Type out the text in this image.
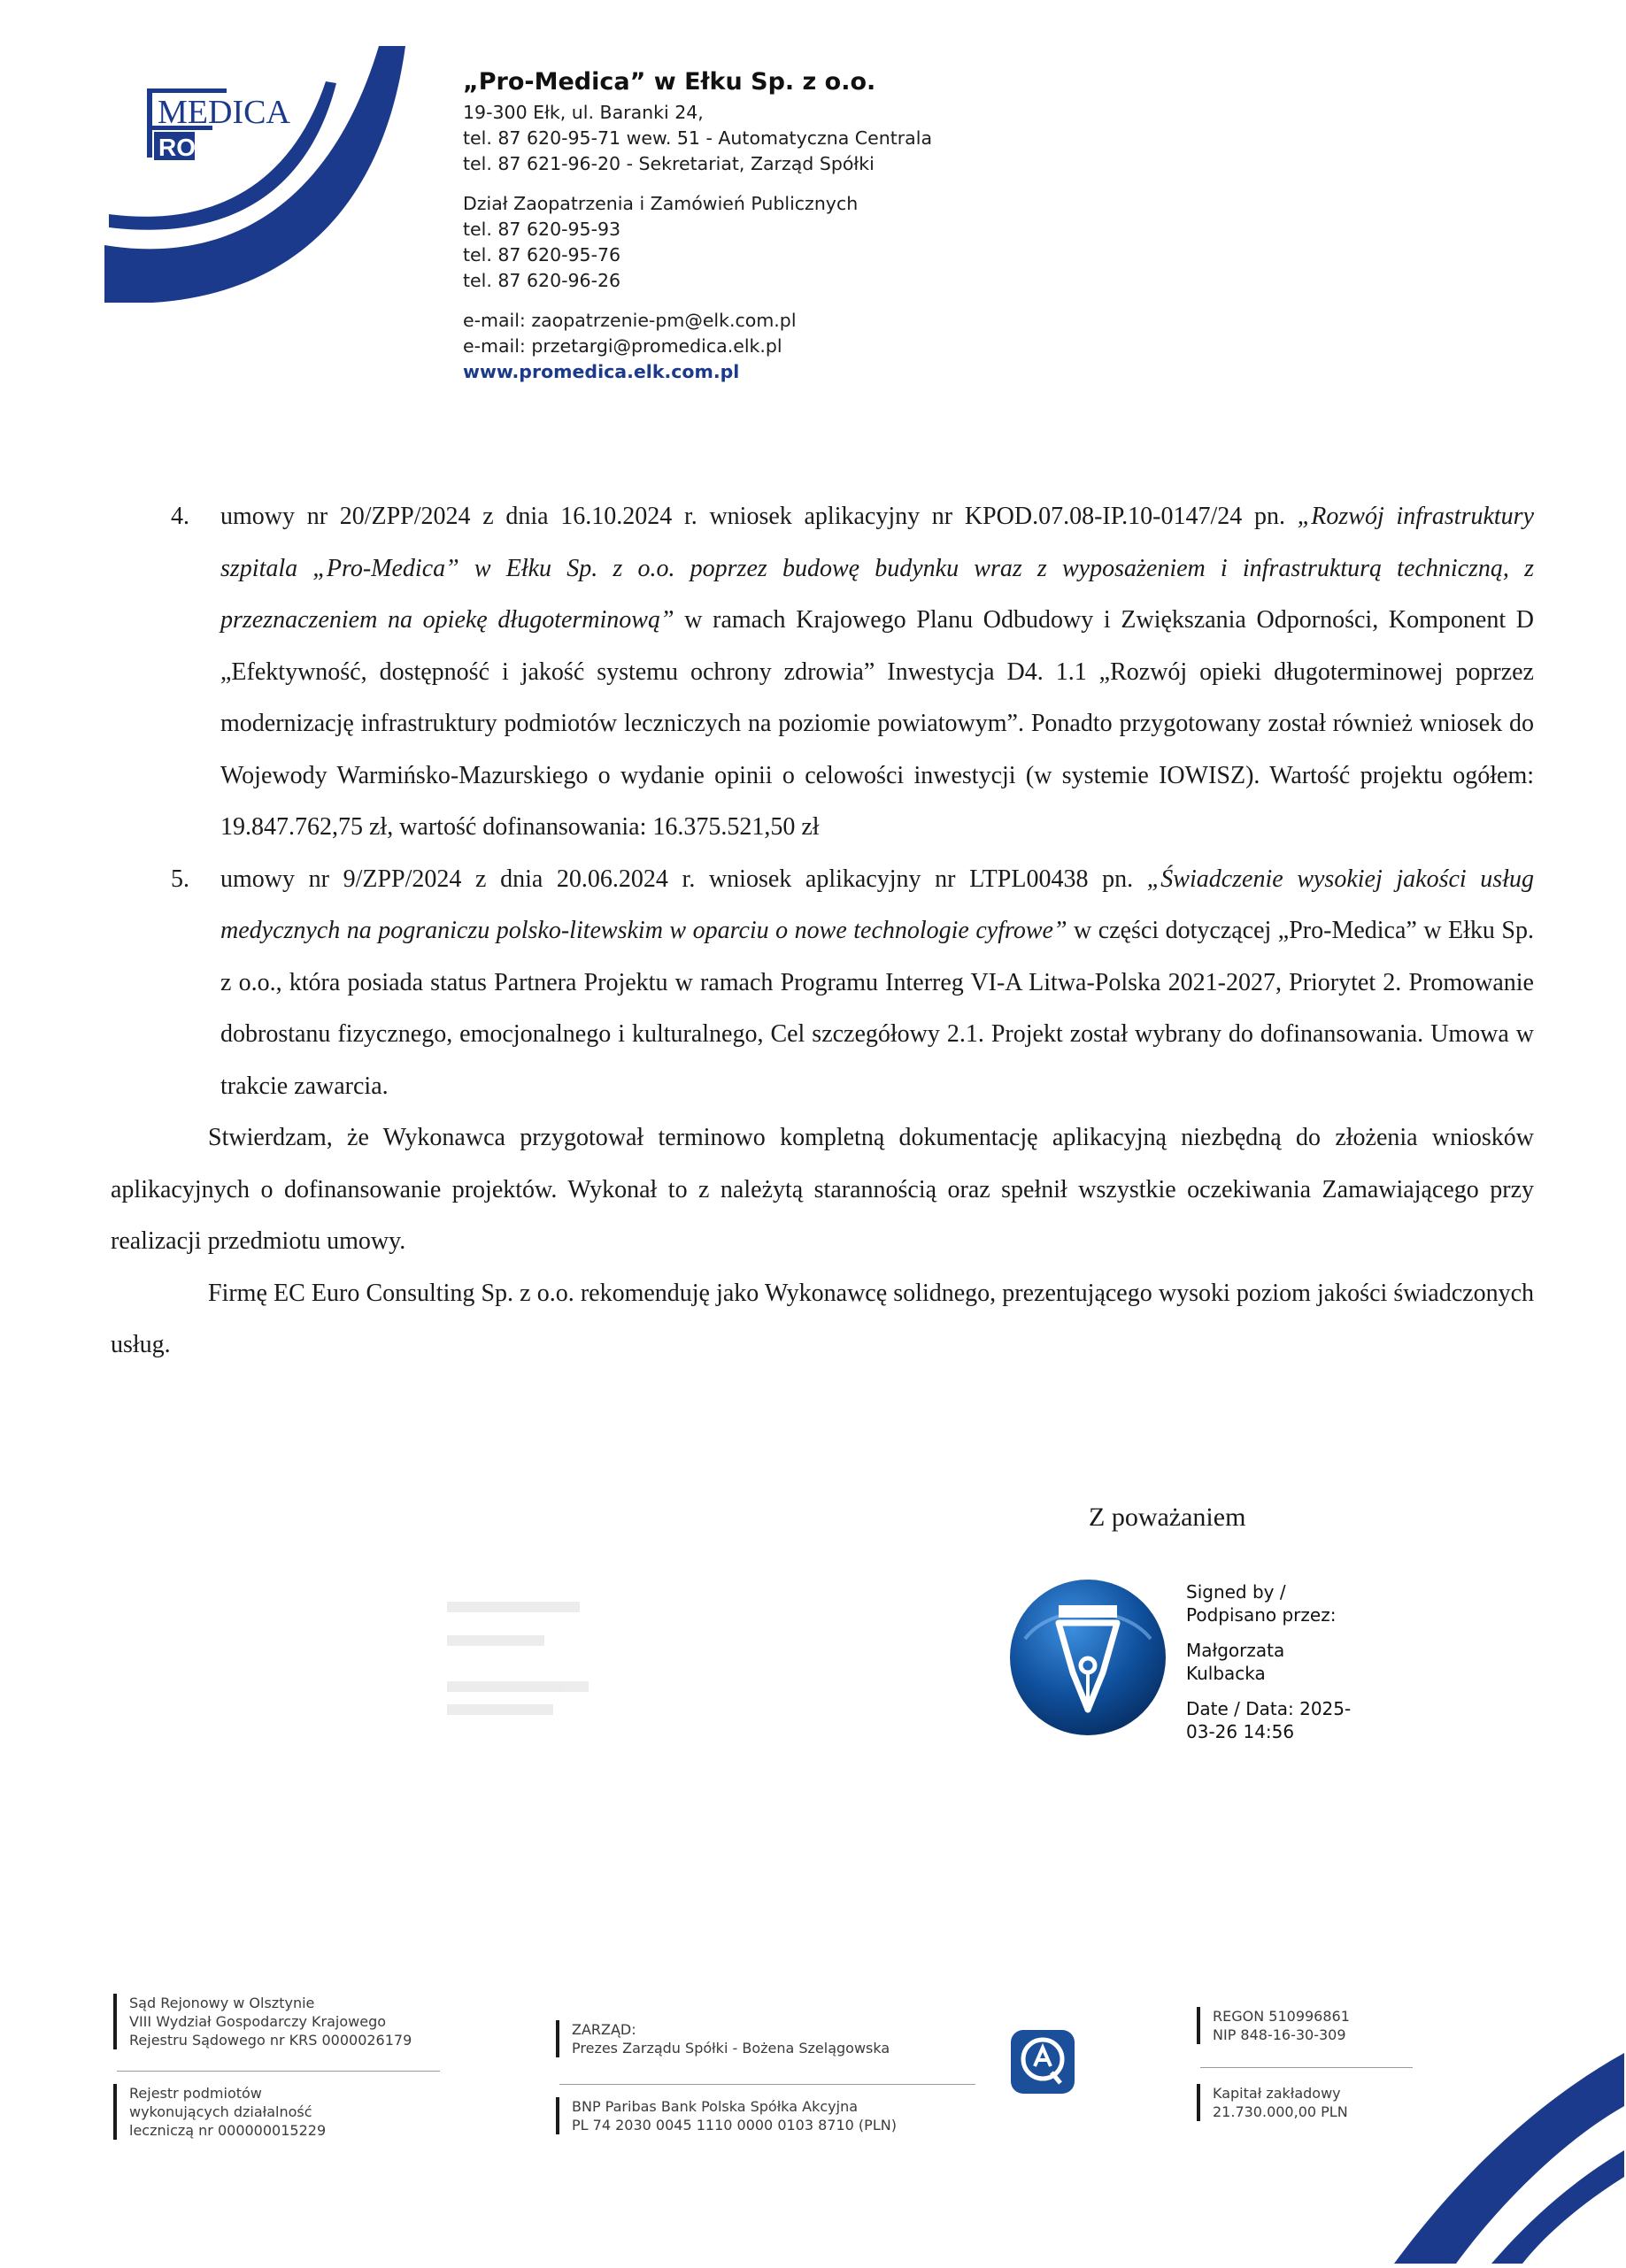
MEDICA
RO
„Pro-Medica” w Ełku Sp. z o.o.
19-300 Ełk, ul. Baranki 24,
tel. 87 620-95-71 wew. 51 - Automatyczna Centrala
tel. 87 621-96-20 - Sekretariat, Zarząd Spółki
Dział Zaopatrzenia i Zamówień Publicznych
tel. 87 620-95-93
tel. 87 620-95-76
tel. 87 620-96-26
e-mail: zaopatrzenie-pm@elk.com.pl
e-mail: przetargi@promedica.elk.pl
www.promedica.elk.com.pl
4.	umowy nr 20/ZPP/2024 z dnia 16.10.2024 r. wniosek aplikacyjny nr KPOD.07.08-IP.10-0147/24 pn. „Rozwój infrastruktury szpitala „Pro-Medica” w Ełku Sp. z o.o. poprzez budowę budynku wraz z wyposażeniem i infrastrukturą techniczną, z przeznaczeniem na opiekę długoterminową” w ramach Krajowego Planu Odbudowy i Zwiększania Odporności, Komponent D „Efektywność, dostępność i jakość systemu ochrony zdrowia” Inwestycja D4. 1.1 „Rozwój opieki długoterminowej poprzez modernizację infrastruktury podmiotów leczniczych na poziomie powiatowym”. Ponadto przygotowany został również wniosek do Wojewody Warmińsko-Mazurskiego o wydanie opinii o celowości inwestycji (w systemie IOWISZ). Wartość projektu ogółem: 19.847.762,75 zł, wartość dofinansowania: 16.375.521,50 zł
5.	umowy nr 9/ZPP/2024 z dnia 20.06.2024 r. wniosek aplikacyjny nr LTPL00438 pn. „Świadczenie wysokiej jakości usług medycznych na pograniczu polsko-litewskim w oparciu o nowe technologie cyfrowe” w części dotyczącej „Pro-Medica” w Ełku Sp. z o.o., która posiada status Partnera Projektu w ramach Programu Interreg VI-A Litwa-Polska 2021-2027, Priorytet 2. Promowanie dobrostanu fizycznego, emocjonalnego i kulturalnego, Cel szczegółowy 2.1. Projekt został wybrany do dofinansowania. Umowa w trakcie zawarcia.
Stwierdzam, że Wykonawca przygotował terminowo kompletną dokumentację aplikacyjną niezbędną do złożenia wniosków aplikacyjnych o dofinansowanie projektów. Wykonał to z należytą starannością oraz spełnił wszystkie oczekiwania Zamawiającego przy realizacji przedmiotu umowy.
Firmę EC Euro Consulting Sp. z o.o. rekomenduję jako Wykonawcę solidnego, prezentującego wysoki poziom jakości świadczonych usług.
Z poważaniem
Signed by /
Podpisano przez:
Małgorzata
Kulbacka
Date / Data: 2025-
03-26 14:56
Sąd Rejonowy w Olsztynie
VIII Wydział Gospodarczy Krajowego
Rejestru Sądowego nr KRS 0000026179
Rejestr podmiotów
wykonujących działalność
leczniczą nr 000000015229
ZARZĄD:
Prezes Zarządu Spółki - Bożena Szelągowska
BNP Paribas Bank Polska Spółka Akcyjna
PL 74 2030 0045 1110 0000 0103 8710 (PLN)
REGON 510996861
NIP 848-16-30-309
Kapitał zakładowy
21.730.000,00 PLN
